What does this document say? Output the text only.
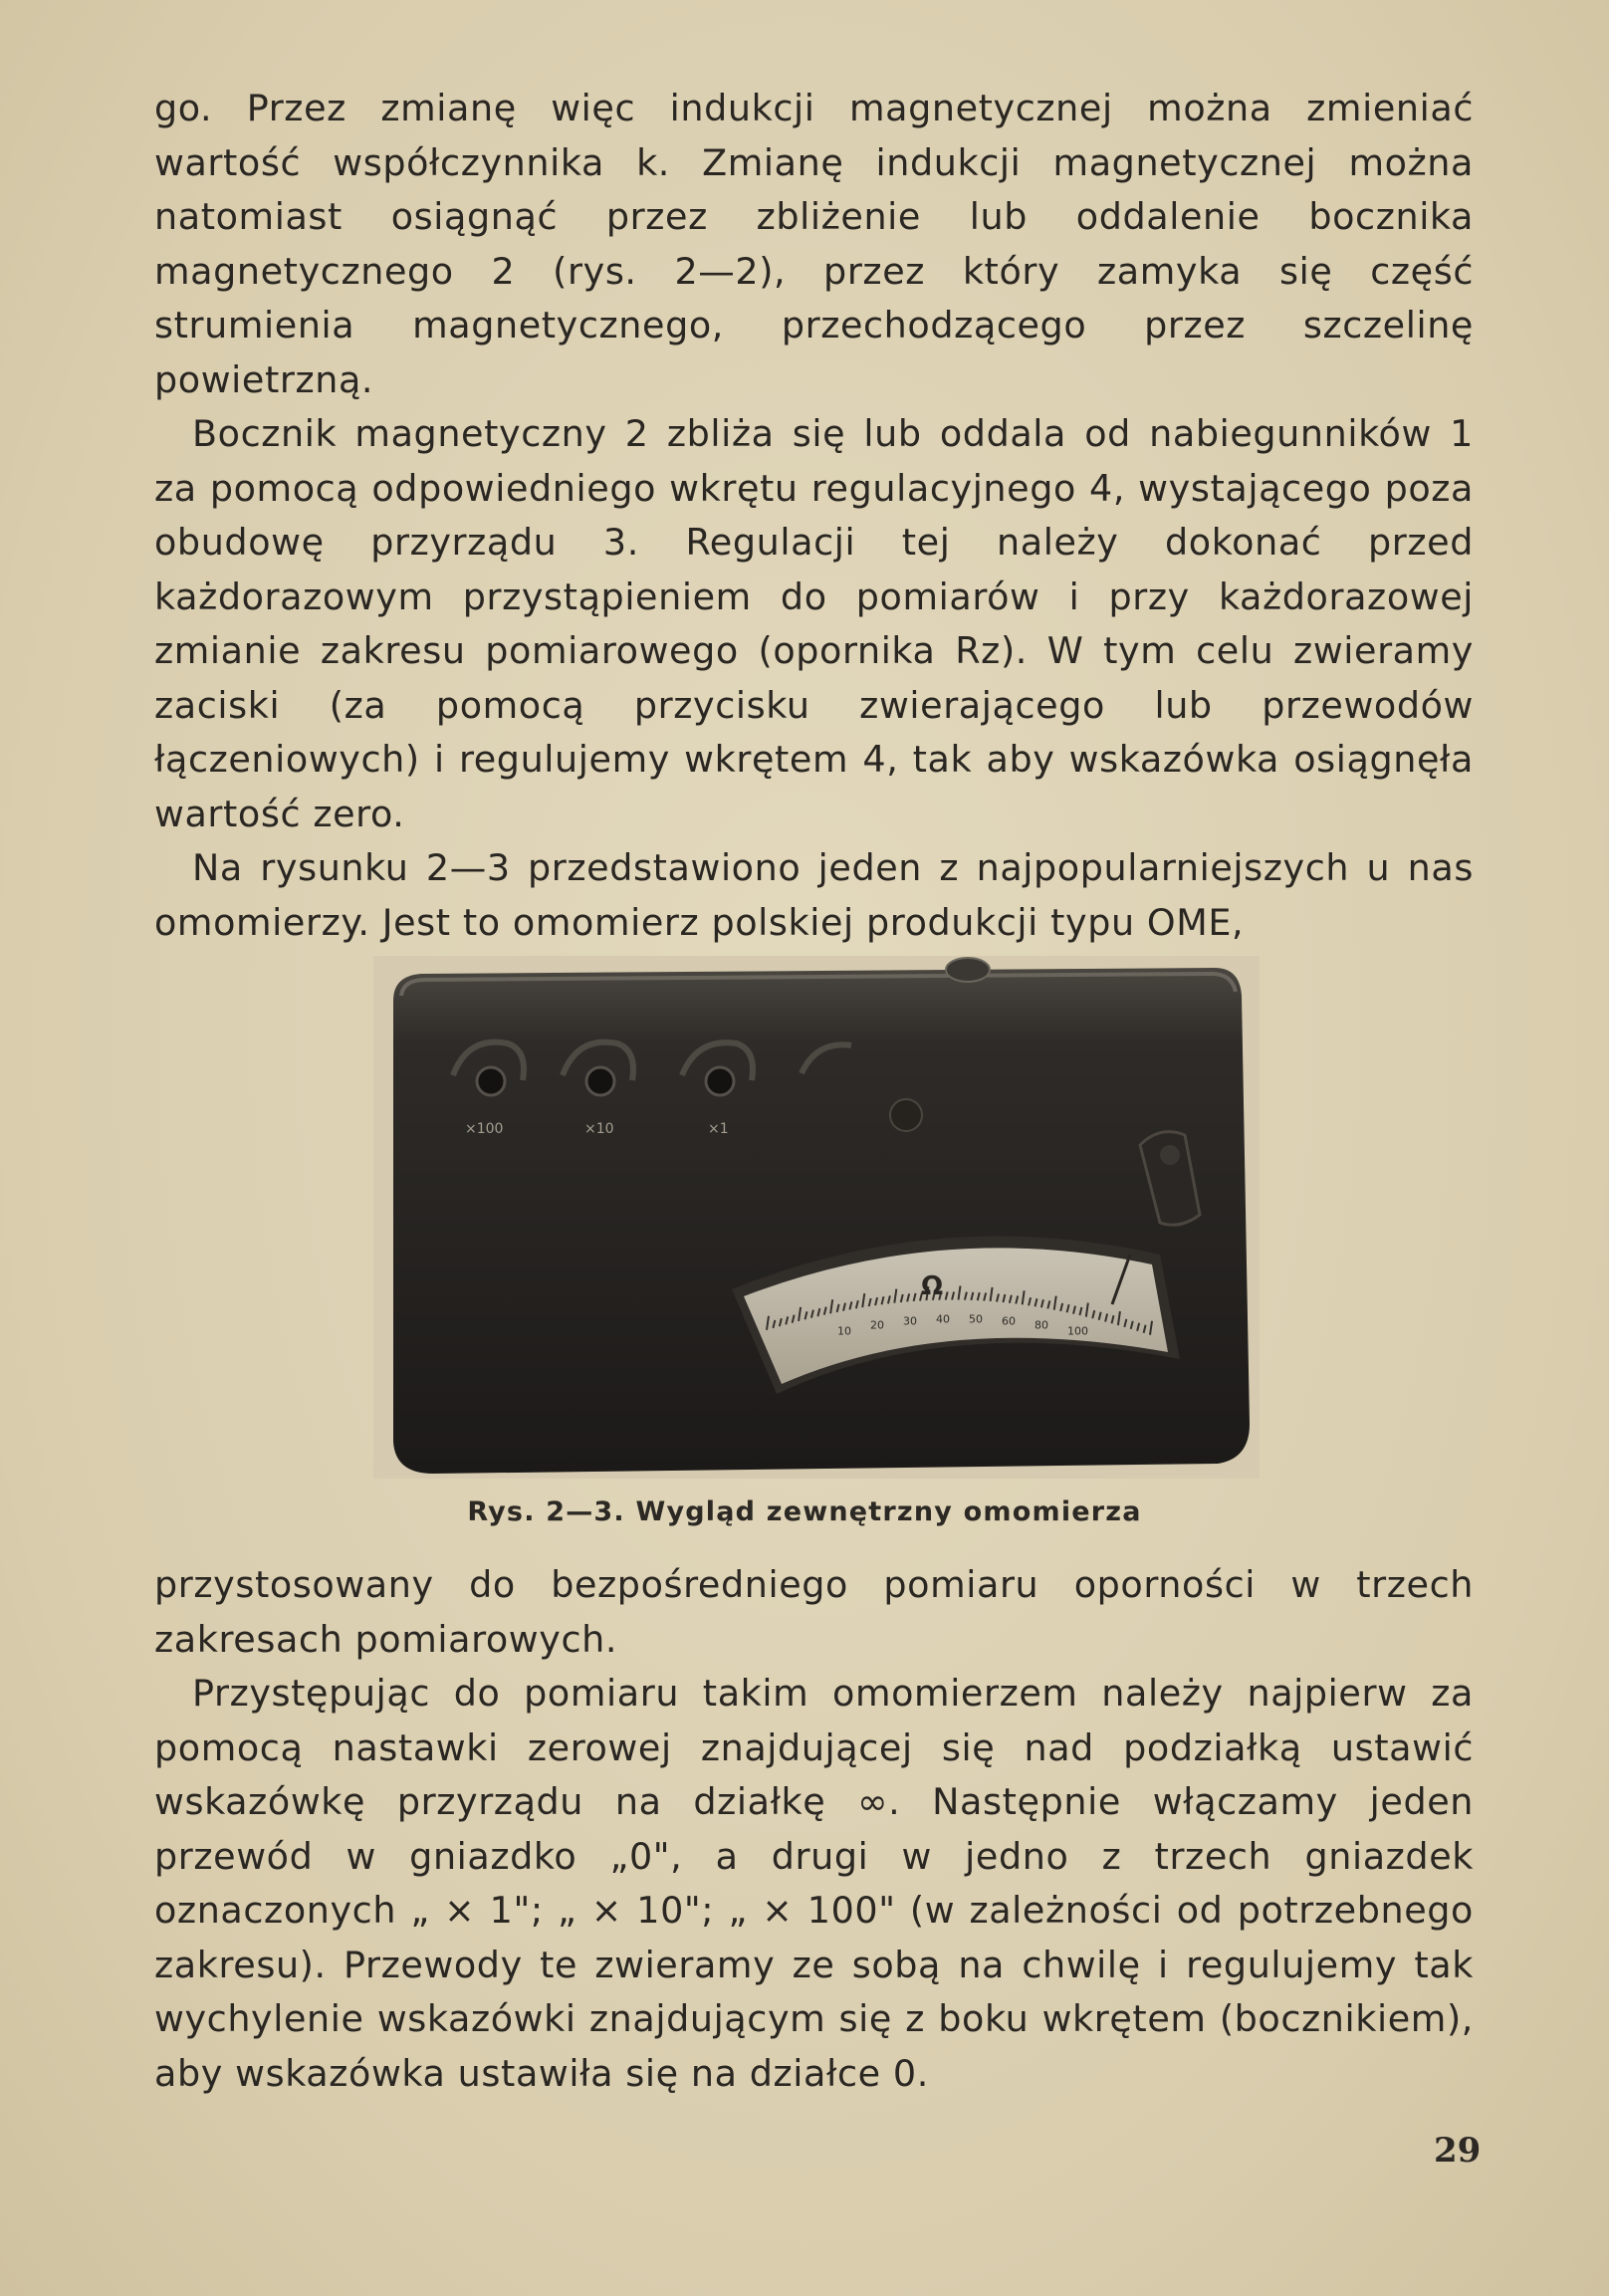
go. Przez zmianę więc indukcji magnetycznej można zmieniać wartość współczynnika k. Zmianę indukcji magnetycznej można natomiast osiągnąć przez zbliżenie lub oddalenie bocznika magnetycznego 2 (rys. 2—2), przez który zamyka się część strumienia magnetycznego, przechodzącego przez szczelinę powietrzną.

Bocznik magnetyczny 2 zbliża się lub oddala od nabiegunników 1 za pomocą odpowiedniego wkrętu regulacyjnego 4, wystającego poza obudowę przyrządu 3. Regulacji tej należy dokonać przed każdorazowym przystąpieniem do pomiarów i przy każdorazowej zmianie zakresu pomiarowego (opornika Rz). W tym celu zwieramy zaciski (za pomocą przycisku zwierającego lub przewodów łączeniowych) i regulujemy wkrętem 4, tak aby wskazówka osiągnęła wartość zero.

Na rysunku 2—3 przedstawiono jeden z najpopularniejszych u nas omomierzy. Jest to omomierz polskiej produkcji typu OME,

×100	×10	×1
Ω
10 20 30 40 50 60 80 100
Rys. 2—3. Wygląd zewnętrzny omomierza

przystosowany do bezpośredniego pomiaru oporności w trzech zakresach pomiarowych.

Przystępując do pomiaru takim omomierzem należy najpierw za pomocą nastawki zerowej znajdującej się nad podziałką ustawić wskazówkę przyrządu na działkę ∞. Następnie włączamy jeden przewód w gniazdko „0", a drugi w jedno z trzech gniazdek oznaczonych „ × 1"; „ × 10"; „ × 100" (w zależności od potrzebnego zakresu). Przewody te zwieramy ze sobą na chwilę i regulujemy tak wychylenie wskazówki znajdującym się z boku wkrętem (bocznikiem), aby wskazówka ustawiła się na działce 0.

29
